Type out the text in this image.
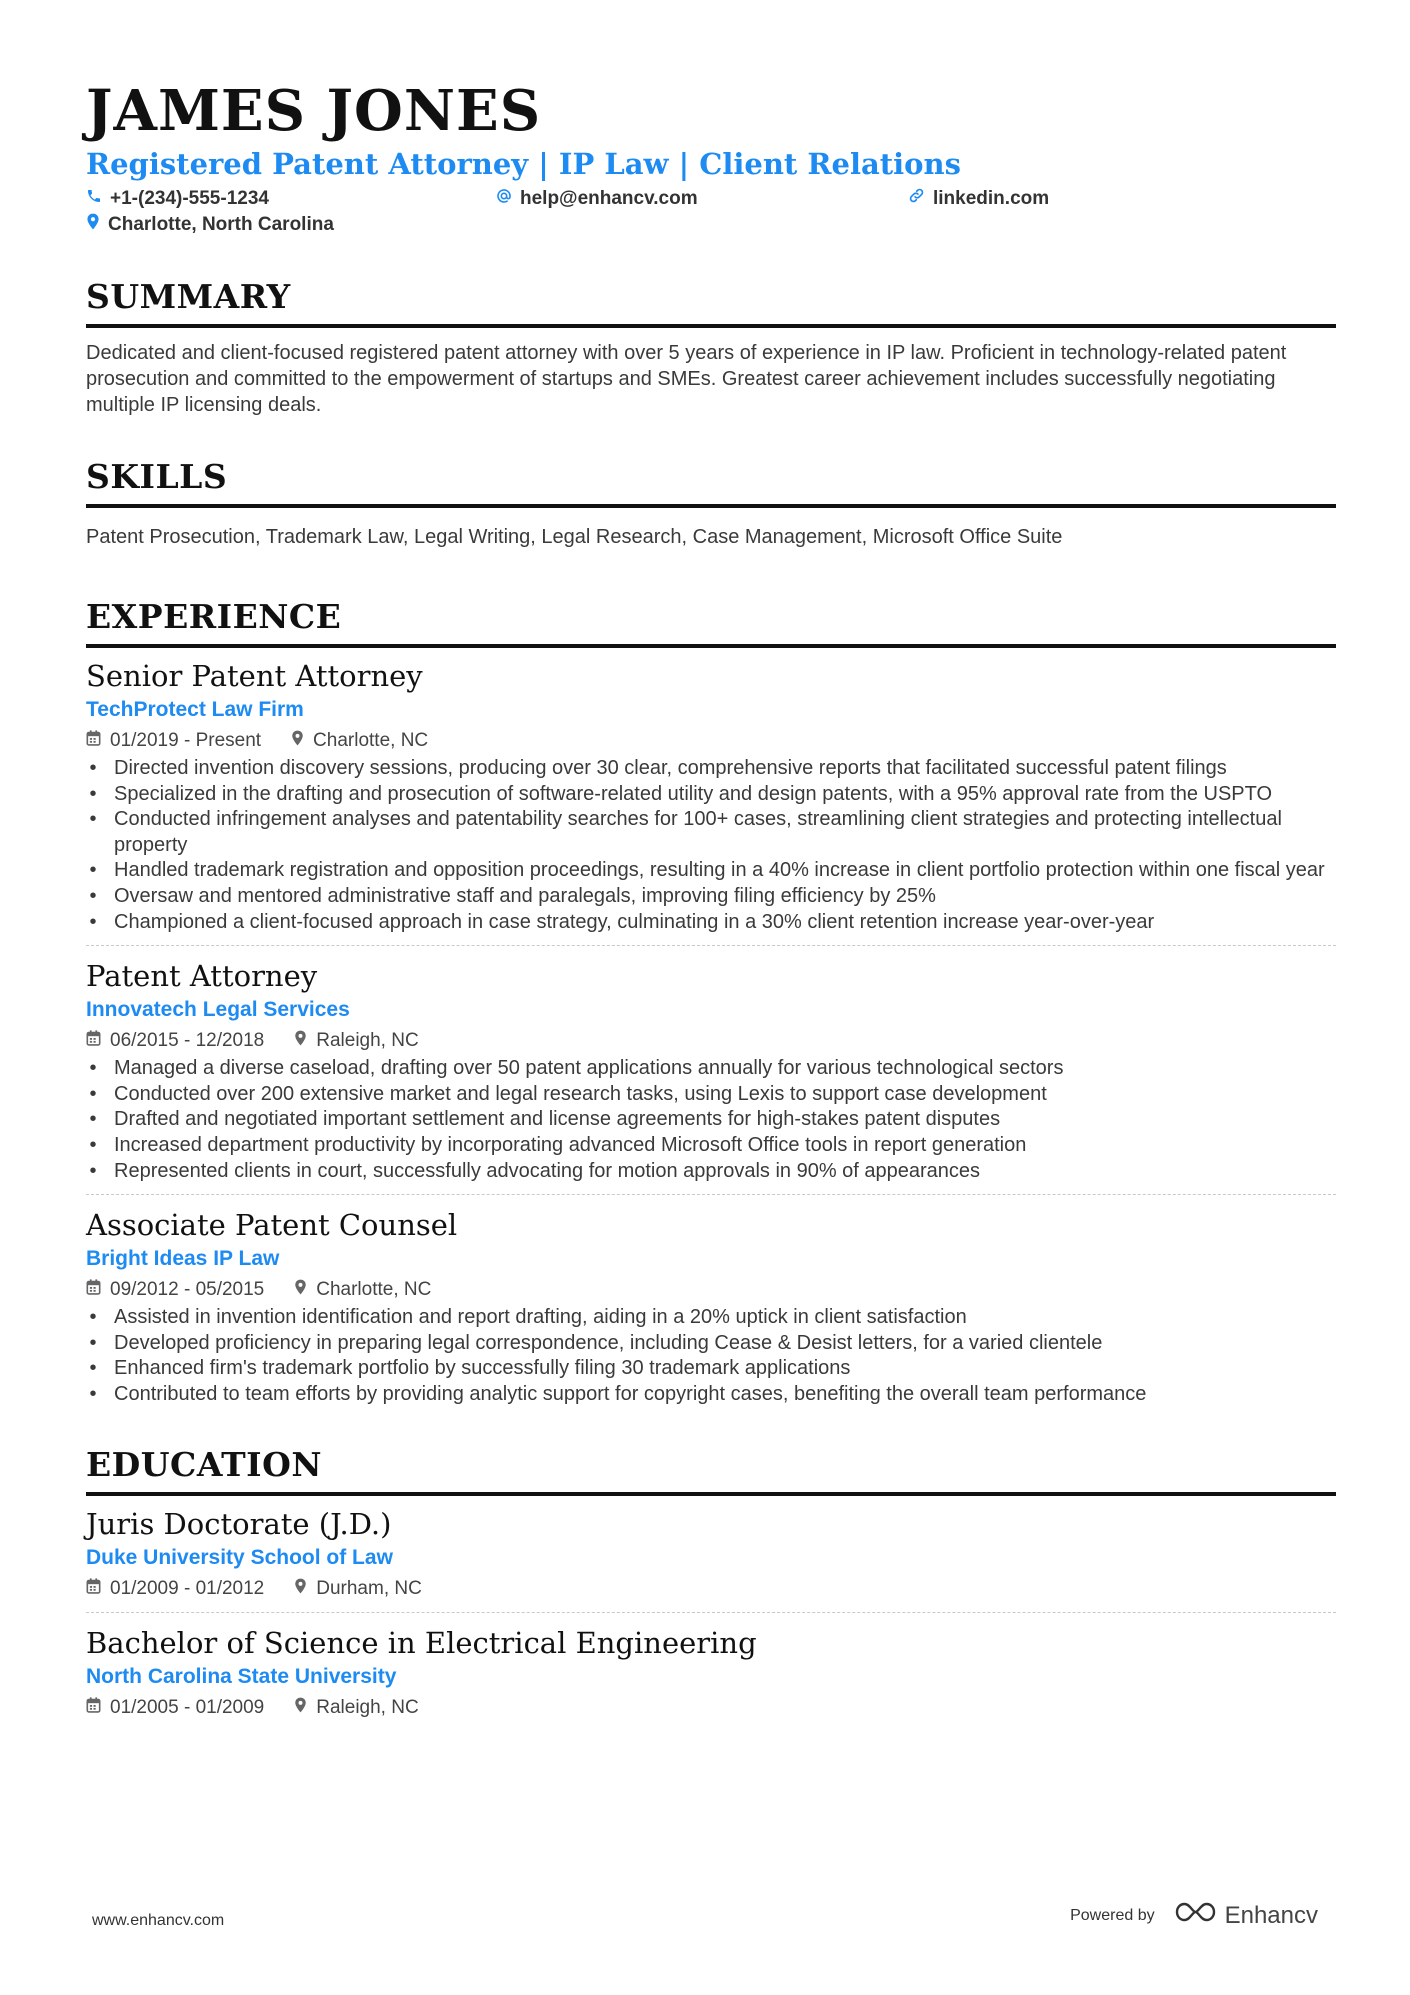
JAMES JONES
Registered Patent Attorney | IP Law | Client Relations
+1-(234)-555-1234	help@enhancv.com	linkedin.com
Charlotte, North Carolina
SUMMARY
Dedicated and client-focused registered patent attorney with over 5 years of experience in IP law. Proficient in technology-related patent prosecution and committed to the empowerment of startups and SMEs. Greatest career achievement includes successfully negotiating multiple IP licensing deals.
SKILLS
Patent Prosecution, Trademark Law, Legal Writing, Legal Research, Case Management, Microsoft Office Suite
EXPERIENCE
Senior Patent Attorney
TechProtect Law Firm
01/2019 - Present	Charlotte, NC
• Directed invention discovery sessions, producing over 30 clear, comprehensive reports that facilitated successful patent filings
• Specialized in the drafting and prosecution of software-related utility and design patents, with a 95% approval rate from the USPTO
• Conducted infringement analyses and patentability searches for 100+ cases, streamlining client strategies and protecting intellectual property
• Handled trademark registration and opposition proceedings, resulting in a 40% increase in client portfolio protection within one fiscal year
• Oversaw and mentored administrative staff and paralegals, improving filing efficiency by 25%
• Championed a client-focused approach in case strategy, culminating in a 30% client retention increase year-over-year
Patent Attorney
Innovatech Legal Services
06/2015 - 12/2018	Raleigh, NC
• Managed a diverse caseload, drafting over 50 patent applications annually for various technological sectors
• Conducted over 200 extensive market and legal research tasks, using Lexis to support case development
• Drafted and negotiated important settlement and license agreements for high-stakes patent disputes
• Increased department productivity by incorporating advanced Microsoft Office tools in report generation
• Represented clients in court, successfully advocating for motion approvals in 90% of appearances
Associate Patent Counsel
Bright Ideas IP Law
09/2012 - 05/2015	Charlotte, NC
• Assisted in invention identification and report drafting, aiding in a 20% uptick in client satisfaction
• Developed proficiency in preparing legal correspondence, including Cease & Desist letters, for a varied clientele
• Enhanced firm's trademark portfolio by successfully filing 30 trademark applications
• Contributed to team efforts by providing analytic support for copyright cases, benefiting the overall team performance
EDUCATION
Juris Doctorate (J.D.)
Duke University School of Law
01/2009 - 01/2012	Durham, NC
Bachelor of Science in Electrical Engineering
North Carolina State University
01/2005 - 01/2009	Raleigh, NC
www.enhancv.com	Powered by	Enhancv
